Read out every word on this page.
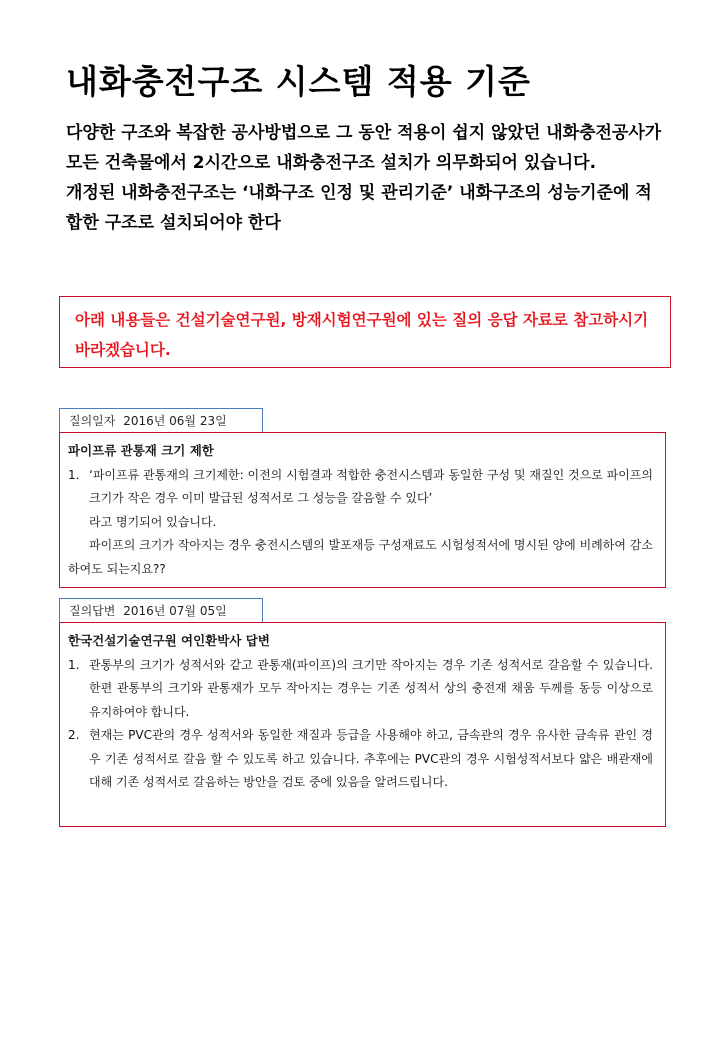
내화충전구조 시스템 적용 기준

다양한 구조와 복잡한 공사방법으로 그 동안 적용이 쉽지 않았던 내화충전공사가 모든 건축물에서 2시간으로 내화충전구조 설치가 의무화되어 있습니다.

개정된 내화충전구조는 ‘내화구조 인정 및 관리기준’ 내화구조의 성능기준에 적합한 구조로 설치되어야 한다

아래 내용들은 건설기술연구원, 방재시험연구원에 있는 질의 응답 자료로 참고하시기 바라겠습니다.
질의일자 2016년 06월 23일
파이프류 관통재 크기 제한
1. ‘파이프류 관통재의 크기제한: 이전의 시험결과 적합한 충전시스템과 동일한 구성 및 재질인 것으로 파이프의 크기가 작은 경우 이미 발급된 성적서로 그 성능을 갈음할 수 있다’
라고 명기되어 있습니다.
파이프의 크기가 작아지는 경우 충전시스템의 발포재등 구성재료도 시험성적서에 명시된 양에 비례하여 감소하여도 되는지요??
질의답변 2016년 07월 05일
한국건설기술연구원 여인환박사 답변
1. 관통부의 크기가 성적서와 같고 관통재(파이프)의 크기만 작아지는 경우 기존 성적서로 갈음할 수 있습니다. 한편 관통부의 크기와 관통재가 모두 작아지는 경우는 기존 성적서 상의 충전재 채움 두께를 동등 이상으로 유지하여야 합니다.
2. 현재는 PVC관의 경우 성적서와 동일한 재질과 등급을 사용해야 하고, 금속관의 경우 유사한 금속류 관인 경우 기존 성적서로 갈음 할 수 있도록 하고 있습니다. 추후에는 PVC관의 경우 시험성적서보다 얇은 배관재에 대해 기존 성적서로 갈음하는 방안을 검토 중에 있음을 알려드립니다.
